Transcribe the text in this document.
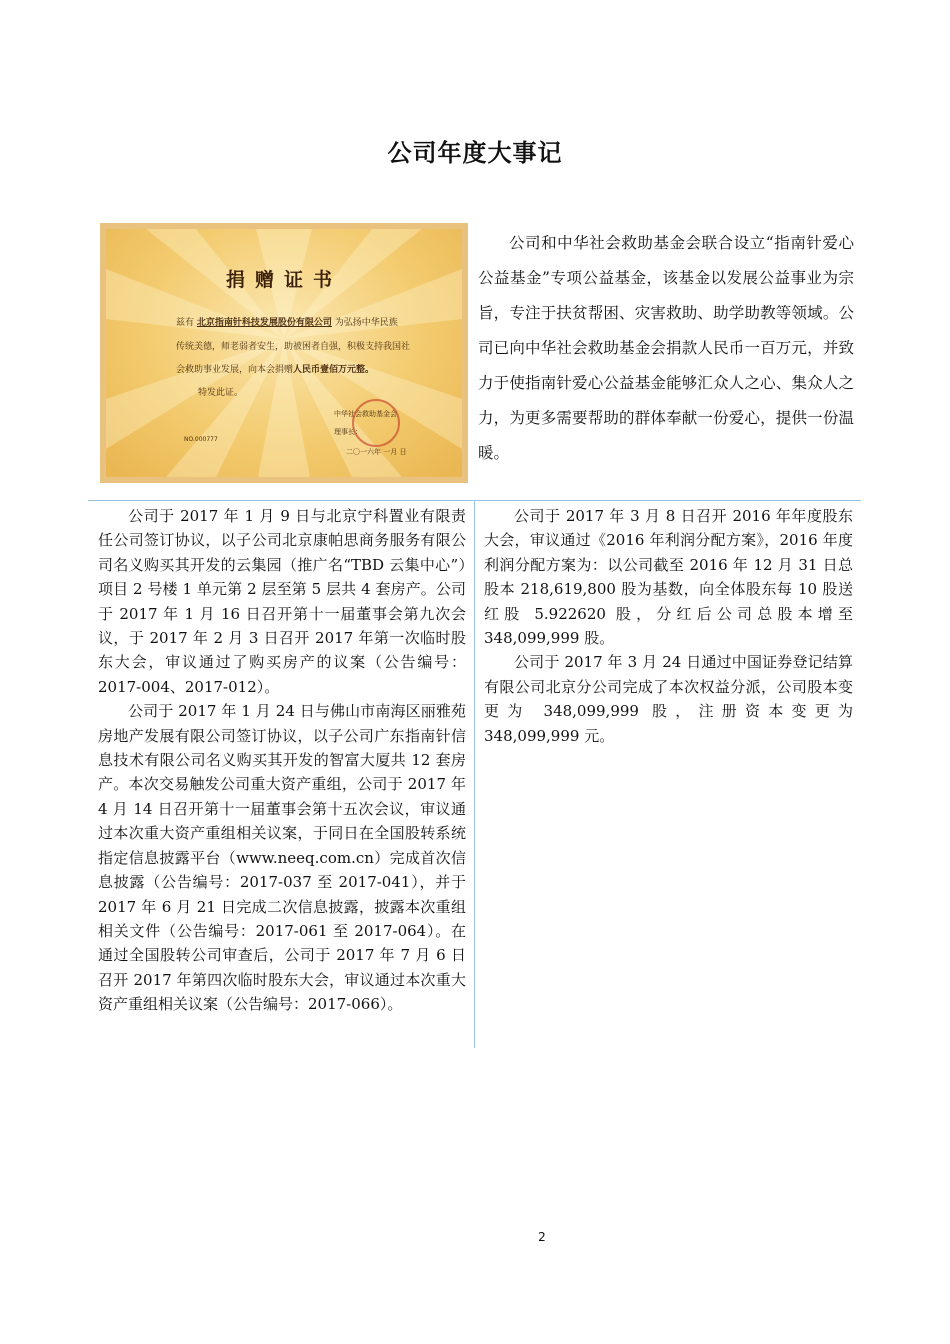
公司年度大事记
捐赠证书
兹有 北京指南针科技发展股份有限公司 为弘扬中华民族
传统美德，师老弱者安生，助被困者自强，积极支持我国社
会救助事业发展，向本会捐赠人民币壹佰万元整。
特发此证。
中华社会救助基金会
理事长：
NO.000777
二〇一六年 一月 日

公司和中华社会救助基金会联合设立“指南针爱心公益基金”专项公益基金，该基金以发展公益事业为宗旨，专注于扶贫帮困、灾害救助、助学助教等领域。公司已向中华社会救助基金会捐款人民币一百万元，并致力于使指南针爱心公益基金能够汇众人之心、集众人之力，为更多需要帮助的群体奉献一份爱心，提供一份温暖。

公司于 2017 年 1 月 9 日与北京宁科置业有限责任公司签订协议，以子公司北京康帕思商务服务有限公司名义购买其开发的云集园（推广名“TBD 云集中心”）项目 2 号楼 1 单元第 2 层至第 5 层共 4 套房产。公司于 2017 年 1 月 16 日召开第十一届董事会第九次会议，于 2017 年 2 月 3 日召开 2017 年第一次临时股东大会，审议通过了购买房产的议案（公告编号：2017-004、2017-012）。

公司于 2017 年 1 月 24 日与佛山市南海区丽雅苑房地产发展有限公司签订协议，以子公司广东指南针信息技术有限公司名义购买其开发的智富大厦共 12 套房产。本次交易触发公司重大资产重组，公司于 2017 年 4 月 14 日召开第十一届董事会第十五次会议，审议通过本次重大资产重组相关议案，于同日在全国股转系统指定信息披露平台（www.neeq.com.cn）完成首次信息披露（公告编号：2017-037 至 2017-041），并于 2017 年 6 月 21 日完成二次信息披露，披露本次重组相关文件（公告编号：2017-061 至 2017-064）。在通过全国股转公司审查后，公司于 2017 年 7 月 6 日召开 2017 年第四次临时股东大会，审议通过本次重大资产重组相关议案（公告编号：2017-066）。

公司于 2017 年 3 月 8 日召开 2016 年年度股东大会，审议通过《2016 年利润分配方案》，2016 年度利润分配方案为：以公司截至 2016 年 12 月 31 日总股本 218,619,800 股为基数，向全体股东每 10 股送红股 5.922620 股，分红后公司总股本增至 348,099,999 股。

公司于 2017 年 3 月 24 日通过中国证券登记结算有限公司北京分公司完成了本次权益分派，公司股本变更为 348,099,999 股，注册资本变更为 348,099,999 元。

2
